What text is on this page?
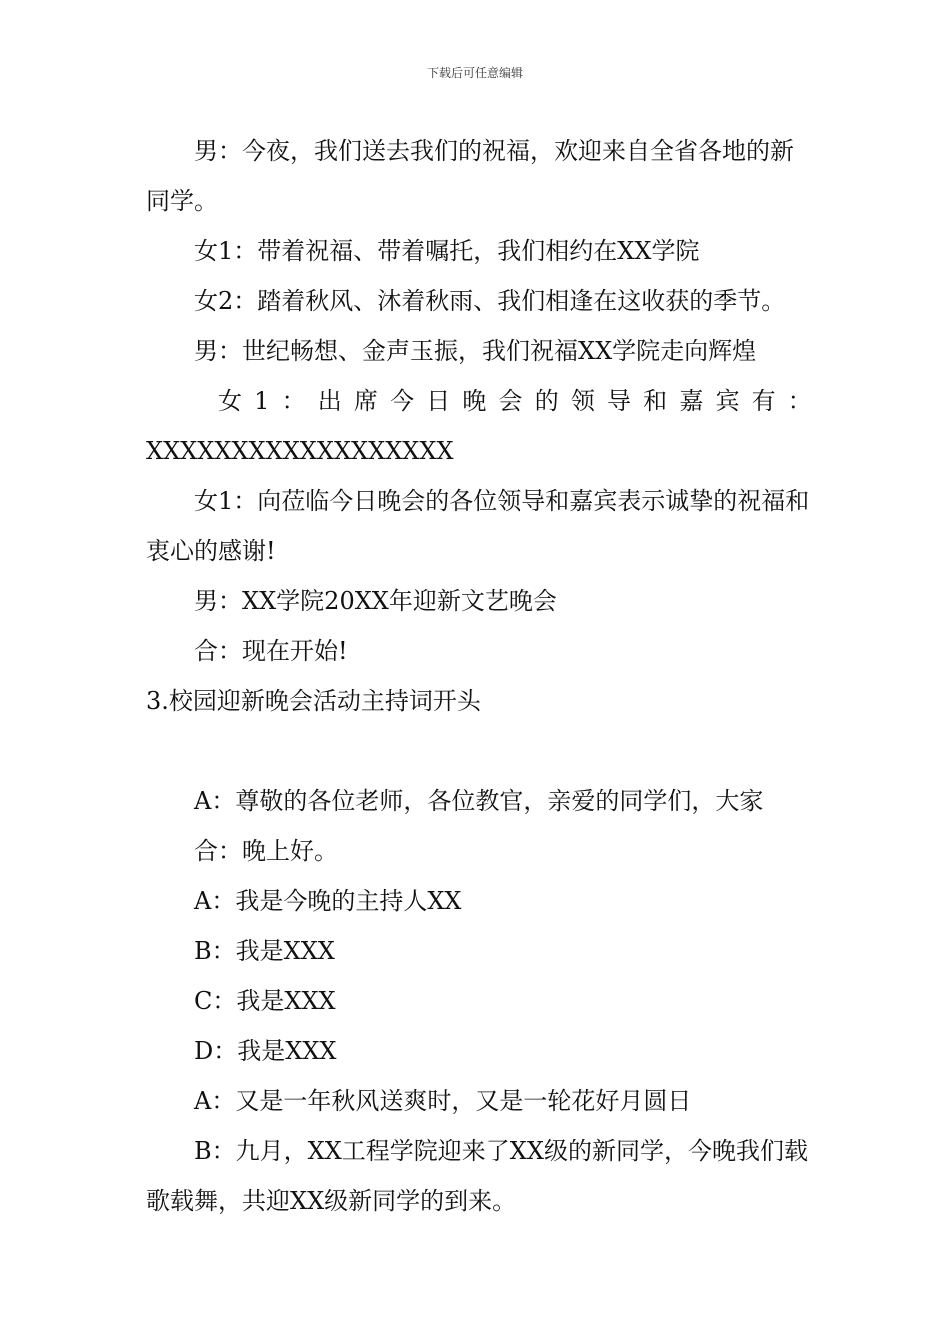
下载后可任意编辑

男：今夜，我们送去我们的祝福，欢迎来自全省各地的新同学。

女1：带着祝福、带着嘱托，我们相约在XX学院

女2：踏着秋风、沐着秋雨、我们相逢在这收获的季节。

男：世纪畅想、金声玉振，我们祝福XX学院走向辉煌

女 1 ： 出 席 今 日 晚 会 的 领 导 和 嘉 宾 有 ：

XXXXXXXXXXXXXXXXXX

女1：向莅临今日晚会的各位领导和嘉宾表示诚挚的祝福和衷心的感谢!

男：XX学院20XX年迎新文艺晚会

合：现在开始!

3.校园迎新晚会活动主持词开头

A：尊敬的各位老师，各位教官，亲爱的同学们，大家

合：晚上好。

A：我是今晚的主持人XX

B：我是XXX

C：我是XXX

D：我是XXX

A：又是一年秋风送爽时，又是一轮花好月圆日

B：九月，XX工程学院迎来了XX级的新同学，今晚我们载歌载舞，共迎XX级新同学的到来。
